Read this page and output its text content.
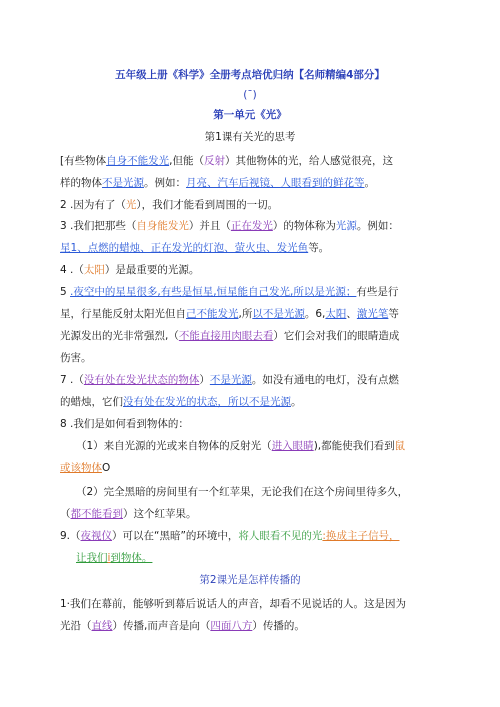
五年级上册《科学》全册考点培优归纳【名师精编4部分】
(¯)
第一单元《光》
第1课有关光的思考
[有些物体自身不能发光,但能（反射）其他物体的光，给人感觉很亮，这
样的物体不是光源。例如：月亮、汽车后视镜、人眼看到的鲜花等。
2 .因为有了（光），我们才能看到周围的一切。
3 .我们把那些（自身能发光）并且（正在发光）的物体称为光源。例如：
星1、点燃的蜡烛、正在发光的灯泡、萤火虫、发光鱼等。
4 .（太阳）是最重要的光源。
5 .夜空中的星星很多,有些是恒星,恒星能自己发光,所以是光源；有些是行
星，行星能反射太阳光但自己不能发光,所以不是光源。6,太阳、激光笔等
光源发出的光非常强烈,（不能直接用肉眼去看）它们会对我们的眼睛造成
伤害。
7 .（没有处在发光状态的物体）不是光源。如没有通电的电灯，没有点燃
的蜡烛，它们没有处在发光的状态，所以不是光源。
8 .我们是如何看到物体的：
（1）来自光源的光或来自物体的反射光（进入眼睛),都能使我们看到鼠
或该物体O
（2）完全黑暗的房间里有一个红苹果，无论我们在这个房间里待多久，
（都不能看到）这个红苹果。
9.（夜视仪）可以在“黑暗”的环境中，将人眼看不见的光:换成主子信号，
让我们i到物体。
第2课光是怎样传播的
1·我们在幕前，能够听到幕后说话人的声音，却看不见说话的人。这是因为
光沿（直线）传播,而声音是向（四面八方）传播的。
